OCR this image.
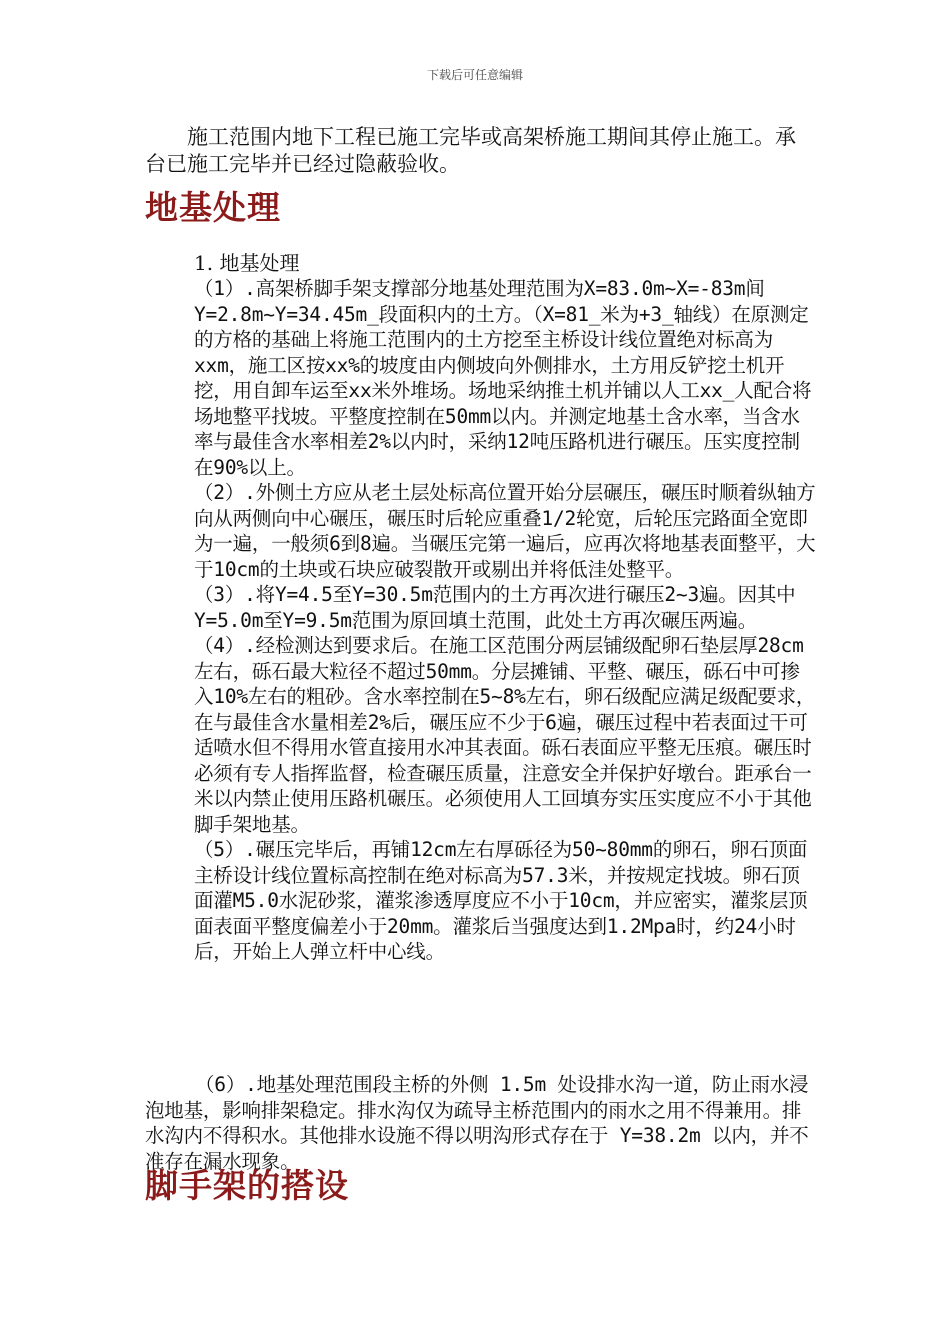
下载后可任意编辑
施工范围内地下工程已施工完毕或高架桥施工期间其停止施工。承台已施工完毕并已经过隐蔽验收。
地基处理
1. 地基处理

（1）.高架桥脚手架支撑部分地基处理范围为X=83.0m~X=-83m间Y=2.8m~Y=34.45m_段面积内的土方。（X=81_米为+3_轴线）在原测定的方格的基础上将施工范围内的土方挖至主桥设计线位置绝对标高为xxm，施工区按xx%的坡度由内侧坡向外侧排水，土方用反铲挖土机开挖，用自卸车运至xx米外堆场。场地采纳推土机并铺以人工xx_人配合将场地整平找坡。平整度控制在50mm以内。并测定地基土含水率，当含水率与最佳含水率相差2%以内时，采纳12吨压路机进行碾压。压实度控制在90%以上。

（2）.外侧土方应从老土层处标高位置开始分层碾压，碾压时顺着纵轴方向从两侧向中心碾压，碾压时后轮应重叠1/2轮宽，后轮压完路面全宽即为一遍，一般须6到8遍。当碾压完第一遍后，应再次将地基表面整平，大于10cm的土块或石块应破裂散开或剔出并将低洼处整平。

（3）.将Y=4.5至Y=30.5m范围内的土方再次进行碾压2~3遍。因其中Y=5.0m至Y=9.5m范围为原回填土范围，此处土方再次碾压两遍。

（4）.经检测达到要求后。在施工区范围分两层铺级配卵石垫层厚28cm左右，砾石最大粒径不超过50mm。分层摊铺、平整、碾压，砾石中可掺入10%左右的粗砂。含水率控制在5~8%左右，卵石级配应满足级配要求，在与最佳含水量相差2%后，碾压应不少于6遍，碾压过程中若表面过干可适喷水但不得用水管直接用水冲其表面。砾石表面应平整无压痕。碾压时必须有专人指挥监督，检查碾压质量，注意安全并保护好墩台。距承台一米以内禁止使用压路机碾压。必须使用人工回填夯实压实度应不小于其他脚手架地基。

（5）.碾压完毕后，再铺12cm左右厚砾径为50~80mm的卵石，卵石顶面主桥设计线位置标高控制在绝对标高为57.3米，并按规定找坡。卵石顶面灌M5.0水泥砂浆，灌浆渗透厚度应不小于10cm，并应密实，灌浆层顶面表面平整度偏差小于20mm。灌浆后当强度达到1.2Mpa时，约24小时后，开始上人弹立杆中心线。

（6）.地基处理范围段主桥的外侧 1.5m 处设排水沟一道，防止雨水浸泡地基，影响排架稳定。排水沟仅为疏导主桥范围内的雨水之用不得兼用。排水沟内不得积水。其他排水设施不得以明沟形式存在于 Y=38.2m 以内，并不准存在漏水现象。

脚手架的搭设
